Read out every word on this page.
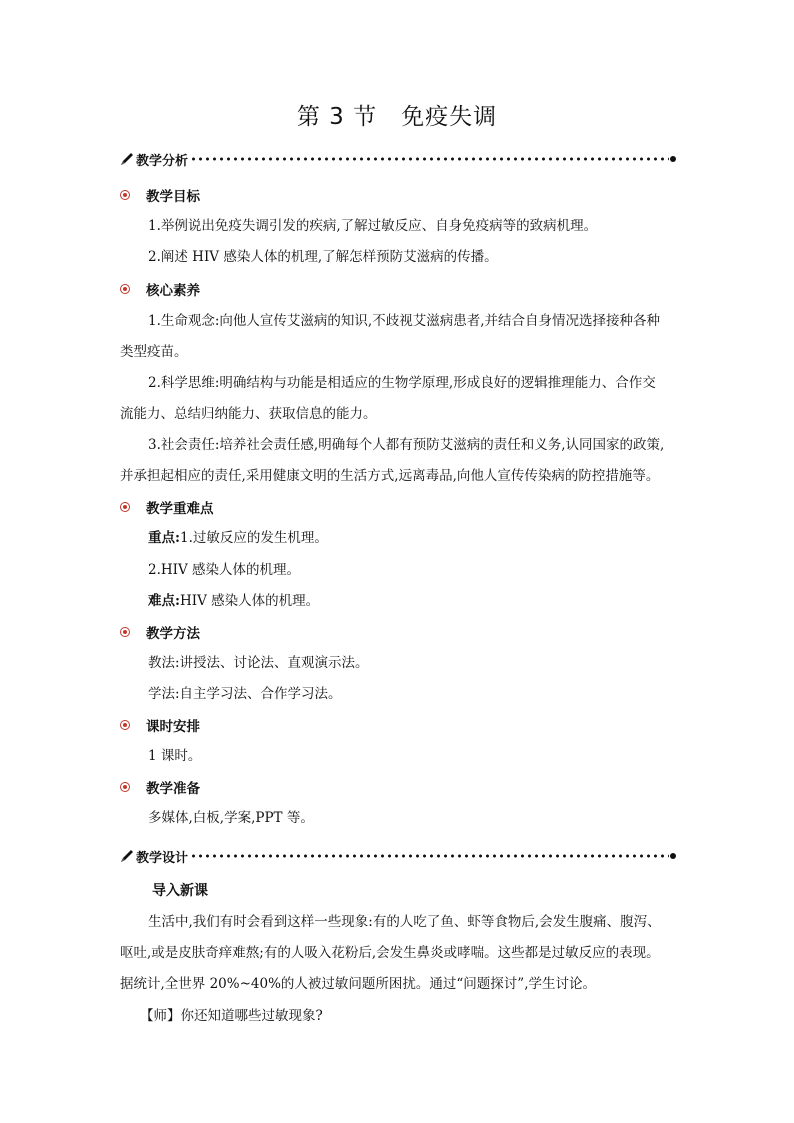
第 3 节　免疫失调
教学分析
教学目标
1.举例说出免疫失调引发的疾病,了解过敏反应、自身免疫病等的致病机理。
2.阐述 HIV 感染人体的机理,了解怎样预防艾滋病的传播。
核心素养
1.生命观念:向他人宣传艾滋病的知识,不歧视艾滋病患者,并结合自身情况选择接种各种
类型疫苗。
2.科学思维:明确结构与功能是相适应的生物学原理,形成良好的逻辑推理能力、合作交
流能力、总结归纳能力、获取信息的能力。
3.社会责任:培养社会责任感,明确每个人都有预防艾滋病的责任和义务,认同国家的政策,
并承担起相应的责任,采用健康文明的生活方式,远离毒品,向他人宣传传染病的防控措施等。
教学重难点
重点:1.过敏反应的发生机理。
2.HIV 感染人体的机理。
难点:HIV 感染人体的机理。
教学方法
教法:讲授法、讨论法、直观演示法。
学法:自主学习法、合作学习法。
课时安排
1 课时。
教学准备
多媒体,白板,学案,PPT 等。
教学设计
导入新课
生活中,我们有时会看到这样一些现象:有的人吃了鱼、虾等食物后,会发生腹痛、腹泻、
呕吐,或是皮肤奇痒难熬;有的人吸入花粉后,会发生鼻炎或哮喘。这些都是过敏反应的表现。
据统计,全世界 20%~40%的人被过敏问题所困扰。通过“问题探讨”,学生讨论。
【师】你还知道哪些过敏现象?
